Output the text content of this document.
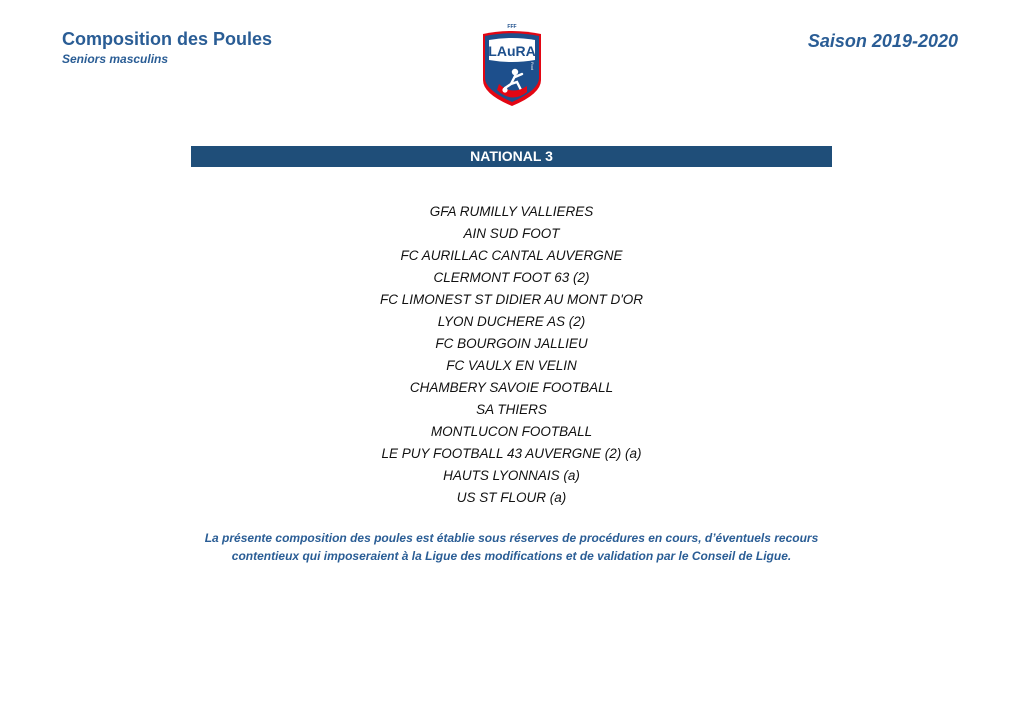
Composition des Poules
Seniors masculins
Saison 2019-2020
FFF
LAuRA
Foot
NATIONAL 3
GFA RUMILLY VALLIERES
AIN SUD FOOT
FC AURILLAC CANTAL AUVERGNE
CLERMONT FOOT 63 (2)
FC LIMONEST ST DIDIER AU MONT D'OR
LYON DUCHERE AS (2)
FC BOURGOIN JALLIEU
FC VAULX EN VELIN
CHAMBERY SAVOIE FOOTBALL
SA THIERS
MONTLUCON FOOTBALL
LE PUY FOOTBALL 43 AUVERGNE (2) (a)
HAUTS LYONNAIS (a)
US ST FLOUR (a)

La présente composition des poules est établie sous réserves de procédures en cours, d’éventuels recours contentieux qui imposeraient à la Ligue des modifications et de validation par le Conseil de Ligue.
